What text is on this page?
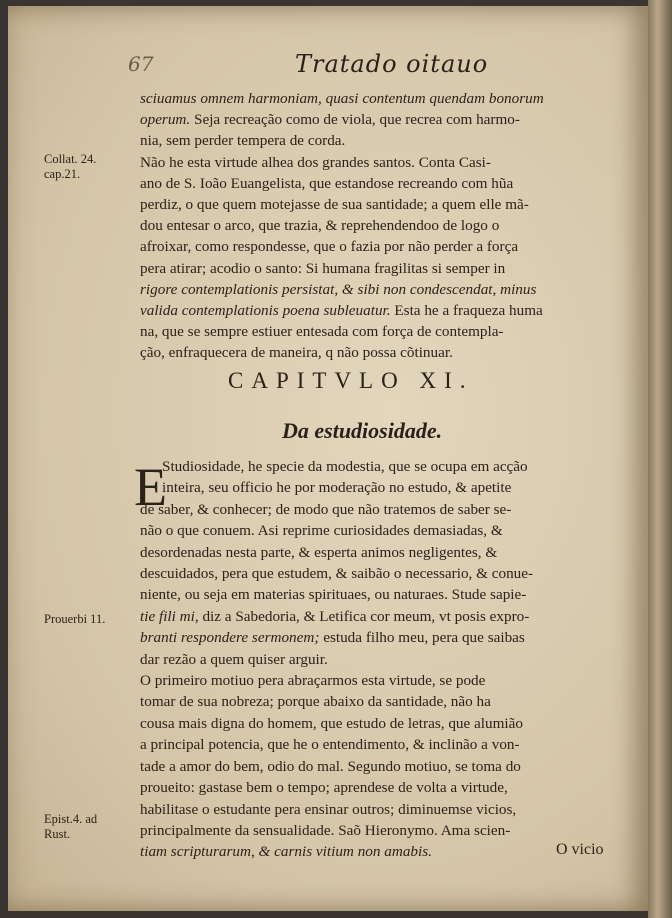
67	Tratado oitauo
Collat. 24.
cap.21.
Prouerbi 11.
Epist.4. ad
Rust.
sciuamus omnem harmoniam, quasi contentum quendam bonorum
operum. Seja recreação como de viola, que recrea com harmo-
nia, sem perder tempera de corda.
Não he esta virtude alhea dos grandes santos. Conta Casi-
ano de S. Ioão Euangelista, que estandose recreando com hũa
perdiz, o que quem motejasse de sua santidade; a quem elle mã-
dou entesar o arco, que trazia, & reprehendendoo de logo o
afroixar, como respondesse, que o fazia por não perder a força
pera atirar; acodio o santo: Si humana fragilitas si semper in
rigore contemplationis persistat, & sibi non condescendat, minus
valida contemplationis poena subleuatur. Esta he a fraqueza huma
na, que se sempre estiuer entesada com força de contempla-
ção, enfraquecera de maneira, q não possa cõtinuar.
CAPITVLO XI.
Da estudiosidade.
E
Studiosidade, he specie da modestia, que se ocupa em acção
inteira, seu officio he por moderação no estudo, & apetite
de saber, & conhecer; de modo que não tratemos de saber se-
não o que conuem. Asi reprime curiosidades demasiadas, &
desordenadas nesta parte, & esperta animos negligentes, &
descuidados, pera que estudem, & saibão o necessario, & conue-
niente, ou seja em materias spirituaes, ou naturaes. Stude sapie-
tie fili mi, diz a Sabedoria, & Letifica cor meum, vt posis expro-
branti respondere sermonem; estuda filho meu, pera que saibas
dar rezão a quem quiser arguir.
O primeiro motiuo pera abraçarmos esta virtude, se pode
tomar de sua nobreza; porque abaixo da santidade, não ha
cousa mais digna do homem, que estudo de letras, que alumião
a principal potencia, que he o entendimento, & inclinão a von-
tade a amor do bem, odio do mal. Segundo motiuo, se toma do
proueito: gastase bem o tempo; aprendese de volta a virtude,
habilitase o estudante pera ensinar outros; diminuemse vicios,
principalmente da sensualidade. Saõ Hieronymo. Ama scien-
tiam scripturarum, & carnis vitium non amabis.	O vicio
